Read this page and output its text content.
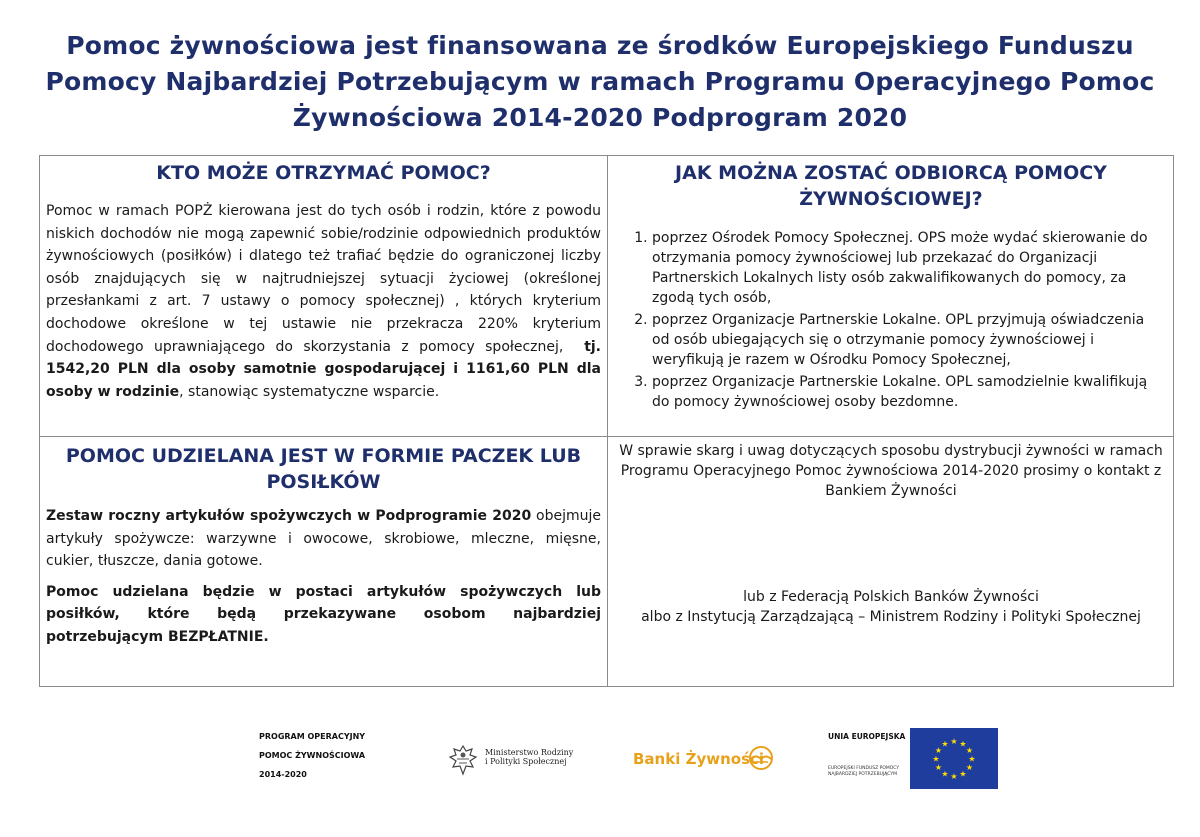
Pomoc żywnościowa jest finansowana ze środków Europejskiego Funduszu
Pomocy Najbardziej Potrzebującym w ramach Programu Operacyjnego Pomoc
Żywnościowa 2014-2020 Podprogram 2020
KTO MOŻE OTRZYMAĆ POMOC?

Pomoc w ramach POPŻ kierowana jest do tych osób i rodzin, które z powodu niskich dochodów nie mogą zapewnić sobie/rodzinie odpowiednich produktów żywnościowych (posiłków) i dlatego też trafiać będzie do ograniczonej liczby osób znajdujących się w najtrudniejszej sytuacji życiowej (określonej przesłankami z art. 7 ustawy o pomocy społecznej) , których kryterium dochodowe określone w tej ustawie nie przekracza 220% kryterium dochodowego uprawniającego do skorzystania z pomocy społecznej, tj. 1542,20 PLN dla osoby samotnie gospodarującej i 1161,60 PLN dla osoby w rodzinie, stanowiąc systematyczne wsparcie.

JAK MOŻNA ZOSTAĆ ODBIORCĄ POMOCY ŻYWNOŚCIOWEJ?
1. poprzez Ośrodek Pomocy Społecznej. OPS może wydać skierowanie do otrzymania pomocy żywnościowej lub przekazać do Organizacji Partnerskich Lokalnych listy osób zakwalifikowanych do pomocy, za zgodą tych osób,
2. poprzez Organizacje Partnerskie Lokalne. OPL przyjmują oświadczenia od osób ubiegających się o otrzymanie pomocy żywnościowej i weryfikują je razem w Ośrodku Pomocy Społecznej,
3. poprzez Organizacje Partnerskie Lokalne. OPL samodzielnie kwalifikują do pomocy żywnościowej osoby bezdomne.
POMOC UDZIELANA JEST W FORMIE PACZEK LUB POSIŁKÓW

Zestaw roczny artykułów spożywczych w Podprogramie 2020 obejmuje artykuły spożywcze: warzywne i owocowe, skrobiowe, mleczne, mięsne, cukier, tłuszcze, dania gotowe.

Pomoc udzielana będzie w postaci artykułów spożywczych lub posiłków, które będą przekazywane osobom najbardziej potrzebującym BEZPŁATNIE.

W sprawie skarg i uwag dotyczących sposobu dystrybucji żywności w ramach Programu Operacyjnego Pomoc żywnościowa 2014-2020 prosimy o kontakt z Bankiem Żywności

lub z Federacją Polskich Banków Żywności

albo z Instytucją Zarządzającą – Ministrem Rodziny i Polityki Społecznej

PROGRAM OPERACYJNY
POMOC ŻYWNOŚCIOWA
2014-2020
Ministerstwo Rodziny
i Polityki Społecznej	Banki Żywności
UNIA EUROPEJSKA
EUROPEJSKI FUNDUSZ POMOCY
NAJBARDZIEJ POTRZEBUJĄCYM
★ ★
★
★
★
★
★
★
★
★
★
★
